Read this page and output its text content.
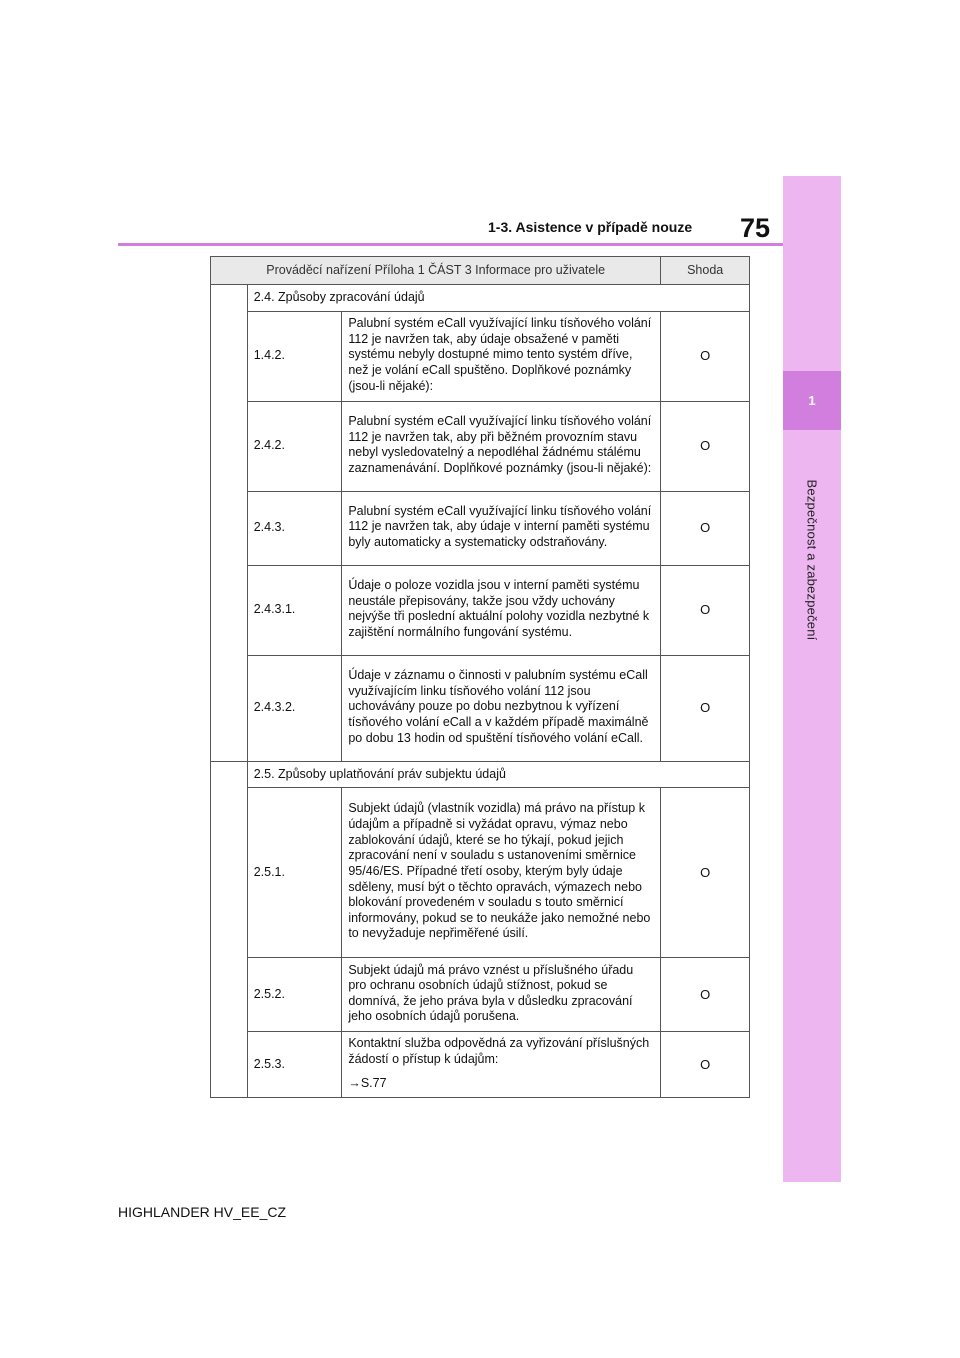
1
Bezpečnost a zabezpečení
1-3. Asistence v případě nouze 75
Prováděcí nařízení Příloha 1 ČÁST 3 Informace pro uživatele			Shoda
	2.4. Způsoby zpracování údajů		
	1.4.2.	Palubní systém eCall využívající linku tísňového volání 112 je navržen tak, aby údaje obsažené v paměti systému nebyly dostupné mimo tento systém dříve, než je volání eCall spuštěno. Doplňkové poznámky (jsou-li nějaké):	O
	2.4.2.	Palubní systém eCall využívající linku tísňového volání 112 je navržen tak, aby při běžném provozním stavu nebyl vysledovatelný a nepodléhal žádnému stálému zaznamenávání. Doplňkové poznámky (jsou-li nějaké):	O
	2.4.3.	Palubní systém eCall využívající linku tísňového volání 112 je navržen tak, aby údaje v interní paměti systému byly automaticky a systematicky odstraňovány.	O
	2.4.3.1.	Údaje o poloze vozidla jsou v interní paměti systému neustále přepisovány, takže jsou vždy uchovány nejvýše tři poslední aktuální polohy vozidla nezbytné k zajištění normálního fungování systému.	O
	2.4.3.2.	Údaje v záznamu o činnosti v palubním systému eCall využívajícím linku tísňového volání 112 jsou uchovávány pouze po dobu nezbytnou k vyřízení tísňového volání eCall a v každém případě maximálně po dobu 13 hodin od spuštění tísňového volání eCall.	O
	2.5. Způsoby uplatňování práv subjektu údajů		
	2.5.1.	Subjekt údajů (vlastník vozidla) má právo na přístup k údajům a případně si vyžádat opravu, výmaz nebo zablokování údajů, které se ho týkají, pokud jejich zpracování není v souladu s ustanoveními směrnice 95/46/ES. Případné třetí osoby, kterým byly údaje sděleny, musí být o těchto opravách, výmazech nebo blokování provedeném v souladu s touto směrnicí informovány, pokud se to neukáže jako nemožné nebo to nevyžaduje nepřiměřené úsilí.	O
	2.5.2.	Subjekt údajů má právo vznést u příslušného úřadu pro ochranu osobních údajů stížnost, pokud se domnívá, že jeho práva byla v důsledku zpracování jeho osobních údajů porušena.	O
	2.5.3.	Kontaktní služba odpovědná za vyřizování příslušných žádostí o přístup k údajům:
→S.77	O
HIGHLANDER HV_EE_CZ
